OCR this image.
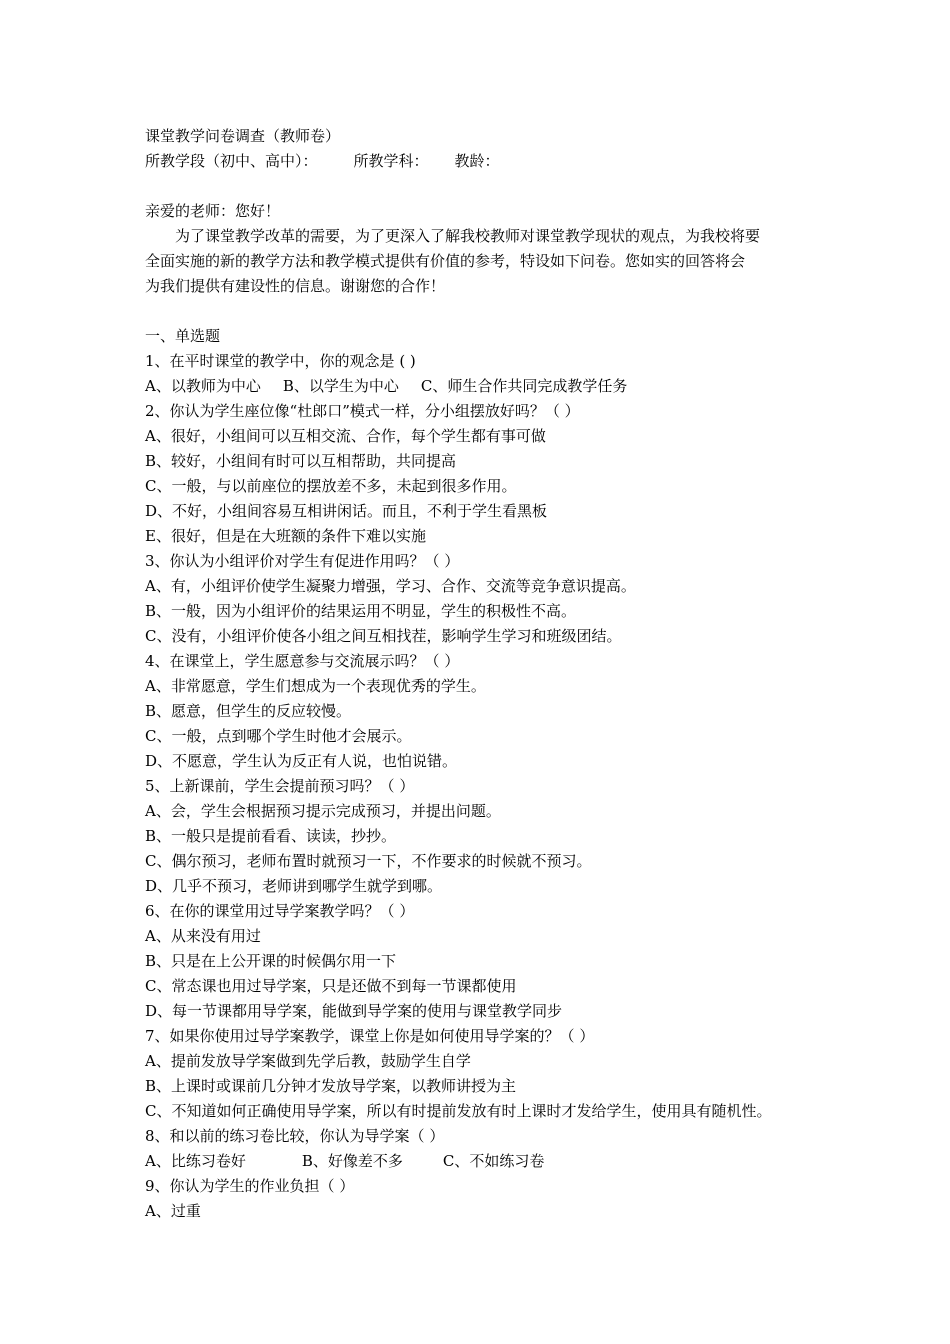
课堂教学问卷调查（教师卷）
所教学段（初中、高中）： 所教学科： 教龄：
亲爱的老师：您好！
为了课堂教学改革的需要，为了更深入了解我校教师对课堂教学现状的观点，为我校将要
全面实施的新的教学方法和教学模式提供有价值的参考，特设如下问卷。您如实的回答将会
为我们提供有建设性的信息。谢谢您的合作！
一、单选题
1、在平时课堂的教学中，你的观念是 ( )
A、以教师为中心 B、以学生为中心 C、师生合作共同完成教学任务
2、你认为学生座位像“杜郎口”模式一样，分小组摆放好吗？（ ）
A、很好，小组间可以互相交流、合作，每个学生都有事可做
B、较好，小组间有时可以互相帮助，共同提高
C、一般，与以前座位的摆放差不多，未起到很多作用。
D、不好，小组间容易互相讲闲话。而且，不利于学生看黑板
E、很好，但是在大班额的条件下难以实施
3、你认为小组评价对学生有促进作用吗？（ ）
A、有，小组评价使学生凝聚力增强，学习、合作、交流等竞争意识提高。
B、一般，因为小组评价的结果运用不明显，学生的积极性不高。
C、没有，小组评价使各小组之间互相找茬，影响学生学习和班级团结。
4、在课堂上，学生愿意参与交流展示吗？（ ）
A、非常愿意，学生们想成为一个表现优秀的学生。
B、愿意，但学生的反应较慢。
C、一般，点到哪个学生时他才会展示。
D、不愿意，学生认为反正有人说，也怕说错。
5、上新课前，学生会提前预习吗？（ ）
A、会，学生会根据预习提示完成预习，并提出问题。
B、一般只是提前看看、读读，抄抄。
C、偶尔预习，老师布置时就预习一下，不作要求的时候就不预习。
D、几乎不预习，老师讲到哪学生就学到哪。
6、在你的课堂用过导学案教学吗？（ ）
A、从来没有用过
B、只是在上公开课的时候偶尔用一下
C、常态课也用过导学案，只是还做不到每一节课都使用
D、每一节课都用导学案，能做到导学案的使用与课堂教学同步
7、如果你使用过导学案教学，课堂上你是如何使用导学案的？（ ）
A、提前发放导学案做到先学后教，鼓励学生自学
B、上课时或课前几分钟才发放导学案，以教师讲授为主
C、不知道如何正确使用导学案，所以有时提前发放有时上课时才发给学生，使用具有随机性。
8、和以前的练习卷比较，你认为导学案（ ）
A、比练习卷好	B、好像差不多	C、不如练习卷
9、你认为学生的作业负担（ ）
A、过重
